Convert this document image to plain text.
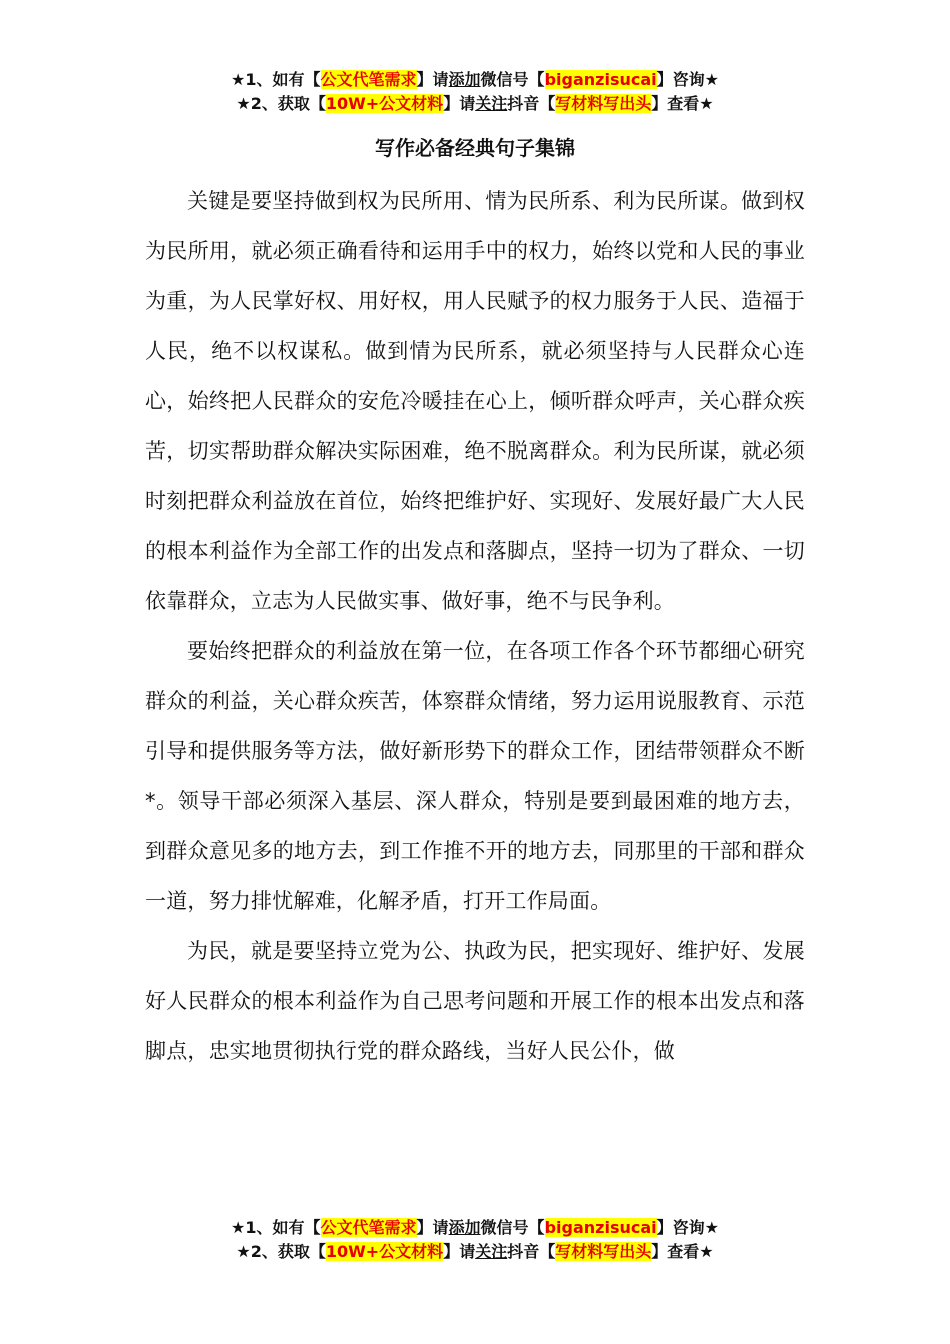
★1、如有【公文代笔需求】请添加微信号【biganzisucai】咨询★
★2、获取【10W+公文材料】请关注抖音【写材料写出头】查看★
写作必备经典句子集锦

关键是要坚持做到权为民所用、情为民所系、利为民所谋。做到权为民所用，就必须正确看待和运用手中的权力，始终以党和人民的事业为重，为人民掌好权、用好权，用人民赋予的权力服务于人民、造福于人民，绝不以权谋私。做到情为民所系，就必须坚持与人民群众心连心，始终把人民群众的安危冷暖挂在心上，倾听群众呼声，关心群众疾苦，切实帮助群众解决实际困难，绝不脱离群众。利为民所谋，就必须时刻把群众利益放在首位，始终把维护好、实现好、发展好最广大人民的根本利益作为全部工作的出发点和落脚点，坚持一切为了群众、一切依靠群众，立志为人民做实事、做好事，绝不与民争利。

要始终把群众的利益放在第一位，在各项工作各个环节都细心研究群众的利益，关心群众疾苦，体察群众情绪，努力运用说服教育、示范引导和提供服务等方法，做好新形势下的群众工作，团结带领群众不断*。领导干部必须深入基层、深人群众，特别是要到最困难的地方去，到群众意见多的地方去，到工作推不开的地方去，同那里的干部和群众一道，努力排忧解难，化解矛盾，打开工作局面。

为民，就是要坚持立党为公、执政为民，把实现好、维护好、发展好人民群众的根本利益作为自己思考问题和开展工作的根本出发点和落脚点，忠实地贯彻执行党的群众路线，当好人民公仆，做

★1、如有【公文代笔需求】请添加微信号【biganzisucai】咨询★
★2、获取【10W+公文材料】请关注抖音【写材料写出头】查看★
